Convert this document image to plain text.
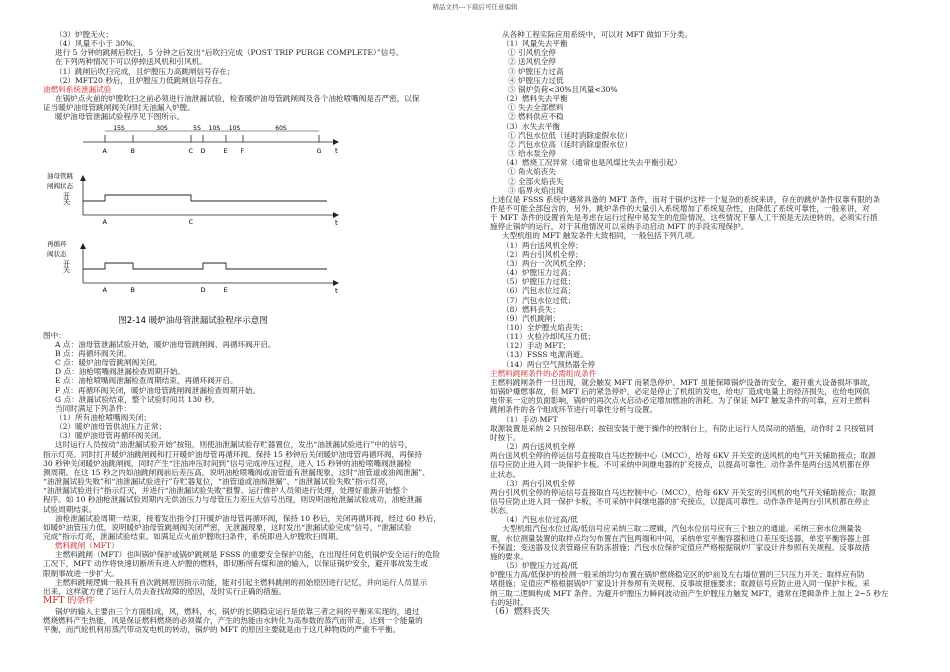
精品文档---下载后可任意编辑
（3）炉膛无火；
（4）风量不小于 30%。
进行 5 分钟的跳闸后吹扫，5 分钟之后发出“后吹扫完成（POST TRIP PURGE COMPLETE）”信号。
在下列两种情况下可以停掉送风机和引风机。
（1）跳闸后吹扫完成，且炉膛压力高跳闸信号存在；
（2）MFT20 秒后，且炉膛压力低跳闸信号存在。
油燃料系统泄漏试验
在锅炉点火前的炉膛吹扫之前必须进行油泄漏试验，检查暖炉油母管跳闸阀及各个油枪喷嘴阀是否严密，以保
证当暖炉油母管跳闸阀关闭时无油漏入炉膛。
暖炉油母管泄漏试验程序见下图所示。
t
A	B	C D	E F	G
15S	30S	5S 10S 10S	60S
油母管跳
闸阀状态
t
开
关
A	C
再循环
阀状态
t
开
关
A	B	D	E
图2-14 暖炉油母管泄漏试验程序示意图
图中：
A 点：油母管泄漏试验开始，暖炉油母管跳闸阀、再循环阀开启。
B 点：再循环阀关闭。
C 点：暖炉油母管跳闸阀关闭。
D 点：油枪喷嘴阀泄漏检查周期开始。
E 点：油枪喷嘴阀泄漏检查周期结束，再循环阀开启。
F 点：再循环阀关闭，暖炉油母管跳闸阀泄漏检查周期开始。
G 点：泄漏试验结束，整个试验时间共 130 秒。
当同时满足下列条件：
（1）所有油枪喷嘴阀关闭；
（2）暖炉油母管供油压力正常；
（3）暖炉油母管再循环阀关闭。
这时运行人员按动“油泄漏试验开始”按钮，则使油泄漏试验存贮器置位，发出“油泄漏试验进行”中的信号，
指示灯亮。同时打开暖炉油跳闸阀和打开暖炉油母管再循环阀。保持 15 秒钟后关闭暖炉油母管再循环阀，再保持
30 秒钟关闭暖炉油跳闸阀，同时产生“注油冲压时间到”信号完成冲压过程，进入 15 秒钟的油枪喷嘴阀泄漏检
测周期。在这 15 秒之内如油跳闸阀前后差压高，说明油枪喷嘴阀或油管道有泄漏现象，这时“油管道或油阀泄漏”、
“油泄漏试验失败”和“油泄漏试验进行”存贮器复位，“油管道或油阀泄漏”、“油泄漏试验失败”指示灯亮，
“油泄漏试验进行”指示灯灭，并进行“油泄漏试验失败”报警。运行维护人员须进行处理，处理好重新开始整个
程序。如 10 秒油枪泄漏试验周期内无供油压力与母管压力差压大信号出现，则说明油枪泄漏试验成功，油枪泄漏
试验周期结束。
油枪泄漏试验周期一结束，接着发出指令打开暖炉油母管再循环阀，保持 10 秒后，关闭再循环阀，经过 60 秒后，
如暖炉油管压力低，说明暖炉油母管跳闸阀关闭严密，无泄漏现象，这时发出“泄漏试验完成”信号，“泄漏试验
完成”指示灯亮，泄漏试验结束。如满足点火前炉膛吹扫条件，系统即进入炉膛吹扫周期。
燃料跳闸（MFT）
主燃料跳闸（MFT）也叫锅炉保护或锅炉跳闸是 FSSS 的重要安全保护功能，在出现任何危机锅炉安全运行的危险
工况下，MFT 动作将快速切断所有进入炉膛的燃料，即切断所有煤和油的输入，以保证锅炉安全，避开事故发生或
限制事故进一步扩大。
主燃料跳闸逻辑一般具有首次跳闸原因指示功能，能对引起主燃料跳闸的初始原因进行记忆，并向运行人员显示
出来，这样就方便了运行人员去查找故障的原因，及时实行正确的措施。
MFT 的条件
锅炉的输入主要由三个方面组成，风，燃料，水，锅炉的长期稳定运行是依靠三者之间的平衡来实现的，通过
燃烧燃料产生热能，风是保证燃料燃烧的必须媒介，产生的热能由水转化为高参数的蒸汽而带走，达到一个能量的
平衡，而汽轮机利用蒸汽带动发电机的转动，锅炉的 MFT 的原因主要就是由于这几种物质的严重不平衡。
从各种工程实际应用系统中，可以对 MFT 做如下分类。
（1）风量失去平衡
① 引风机全停
② 送风机全停
③ 炉膛压力过高
④ 炉膛压力过低
⑤ 锅炉负荷<30%且风量<30%
（2）燃料失去平衡
① 失去全部燃料
② 燃料供应不稳
（3）水失去平衡
① 汽包水位低（延时消除虚假水位）
② 汽包水位高（延时消除虚假水位）
③ 给水泵全停
（4）燃烧工况异常（通常也是风煤比失去平衡引起）
① 角火焰丧失
② 全部火焰丧失
③ 临界火焰出现
上述仅是 FSSS 系统中遇常具备的 MFT 条件，而对于锅炉这样一个复杂的系统来讲，存在的跳炉条件仅靠有限的条
件是不可能全部包含的，另外，跳炉条件的大量引入系统增加了系统复杂性，由降低了系统可靠性，一般来讲，对
于 MFT 条件的设置首先是考虑在运行过程中易发生的危险情况，这些情况下暴人工干预是无法逆转的，必须实行措
施停止锅炉的运行，对于其他情况可以采纳手动启动 MFT 的手段实现保护。
大型机组的 MFT 触发条件大致相同，一般包括下列几项。
（1）两台送风机全停；
（2）两台引风机全停；
（3）两台一次风机全停；
（4）炉膛压力过高；
（5）炉膛压力过低；
（6）汽包水位过高；
（7）汽包水位过低；
（8）燃料丧失；
（9）汽机跳闸；
（10）全炉膛火焰丧失；
（11）火检冷却风压力低；
（12）手动 MFT；
（13）FSSS 电源消逝。
（14）两台空气预热器全停
主燃料跳闸条件的必需组成条件
主燃料跳闸条件一旦出现，就会触发 MFT 而紧急停炉。MFT 虽能保障锅炉设备的安全，避开重大设备损坏事故，
如锅炉爆燃事故，但 MFT 后的紧急停炉，必定是停止了机组的发电，给电厂造成电量上的经济损失，也给电网供
电带来一定的负面影响，锅炉的再次点火启动必定增加燃油的消耗。为了保证 MFT 触发条件的可靠，应对主燃料
跳闸条件的各个组成环节进行可靠性分析与设置。
（1）手动 MFT
取源装置是采纳 2 只按钮串联；按钮安装于便于操作的控制台上，有防止运行人员误动的措施，动作时 2 只按钮同
时按下。
（2）两台送风机全停
两台送风机全停的停运信号直接取自马达控制中心（MCC），给每 6KV 开关室的送风机的电气开关辅助接点；取源
信号应防止进入同一块保护卡板。不可采纳中间继电器的扩充接点，以提高可靠性。动作条件是两台送风机都在停
止状态。
（3）两台引风机全停
两台引风机全停的停运信号直接取自马达控制中心（MCC），给每 6KV 开关室的引风机的电气开关辅助接点；取源
信号应防止进入同一保护卡板，不可采纳中间继电器的扩充接点，以提高可靠性。动作条件是两台引风机都在停止
状态。
（4）汽包水位过高/低
大型机组汽包水位过高/低信号应采纳三取二逻辑，汽包水位信号应有三个独立的通道。采纳三套水位测量装
置，水位测量装置的取样点均匀布置在汽包两端和中间，采纳单室平衡容器和进口差压变送器，单室平衡容器上部
不保温；变送器及仪表管路应有防冻措施；汽包水位保护定值应严格根据锅炉厂家设计并参照有关规程、反事故措
施的要求。
（5）炉膛压力过高/低
炉膛压力高/低保护的检测一般采纳均匀布置在锅炉燃烧稳定区的炉前及左右墙位置的三只压力开关；取样应有防
堵措施；定值应严格根据锅炉厂家设计并参照有关规程、反事故措施要求；取源信号应防止进入同一保护卡板。采
纳三取二逻辑构成 MFT 条件。为避开炉膛压力瞬间波动而产生炉膛压力触发 MFT，通常在逻辑条件上加上 2~5 秒左
右的延时。
（6）燃料丧失
